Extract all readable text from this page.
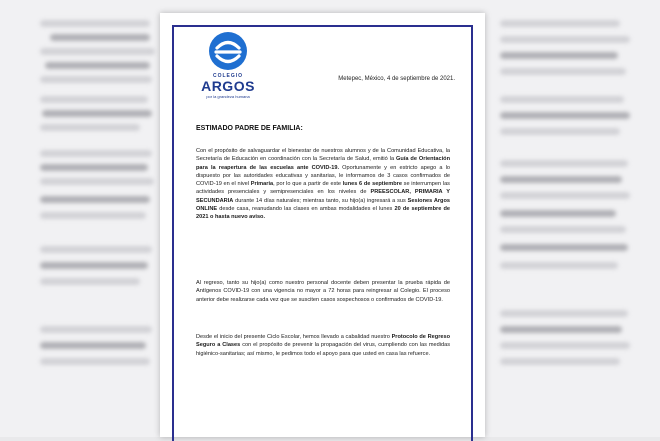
COLEGIO
ARGOS
por la grandeza humana
Metepec, México, 4 de septiembre de 2021.
ESTIMADO PADRE DE FAMILIA:
Con el propósito de salvaguardar el bienestar de nuestros alumnos y de la Comunidad Educativa, la Secretaría de Educación en coordinación con la Secretaría de Salud, emitió la Guía de Orientación para la reapertura de las escuelas ante COVID-19. Oportunamente y en estricto apego a lo dispuesto por las autoridades educativas y sanitarias, le informamos de 3 casos confirmados de COVID-19 en el nivel Primaria, por lo que a partir de este lunes 6 de septiembre se interrumpen las actividades presenciales y semipresenciales en los niveles de PREESCOLAR, PRIMARIA Y SECUNDARIA durante 14 días naturales; mientras tanto, su hijo(a) ingresará a sus Sesiones Argos ONLINE desde casa, reanudando las clases en ambas modalidades el lunes 20 de septiembre de 2021 o hasta nuevo aviso.
Al regreso, tanto su hijo(a) como nuestro personal docente deben presentar la prueba rápida de Antígenos COVID-19 con una vigencia no mayor a 72 horas para reingresar al Colegio. El proceso anterior debe realizarse cada vez que se susciten casos sospechosos o confirmados de COVID-19.
Desde el inicio del presente Ciclo Escolar, hemos llevado a cabalidad nuestro Protocolo de Regreso Seguro a Clases con el propósito de prevenir la propagación del virus, cumpliendo con las medidas higiénico-sanitarias; así mismo, le pedimos todo el apoyo para que usted en casa las refuerce.
